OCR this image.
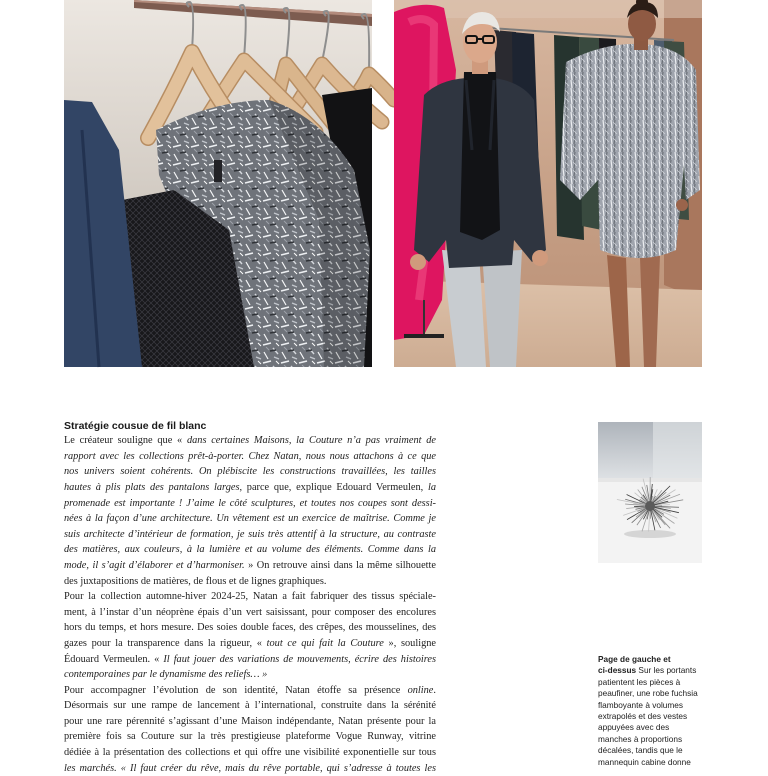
Stratégie cousue de fil blanc
Le créateur souligne que « dans certaines Maisons, la Couture n’a pas vraiment de
rapport avec les collections prêt-à-porter. Chez Natan, nous nous attachons à ce que
nos univers soient cohérents. On plébiscite les constructions travaillées, les tailles
hautes à plis plats des pantalons larges, parce que, explique Edouard Vermeulen, la
promenade est importante ! J’aime le côté sculptures, et toutes nos coupes sont dessi-
nées à la façon d’une architecture. Un vêtement est un exercice de maîtrise. Comme je
suis architecte d’intérieur de formation, je suis très attentif à la structure, au contraste
des matières, aux couleurs, à la lumière et au volume des éléments. Comme dans la
mode, il s’agit d’élaborer et d’harmoniser. » On retrouve ainsi dans la même silhouette
des juxtapositions de matières, de flous et de lignes graphiques.
Pour la collection automne-hiver 2024-25, Natan a fait fabriquer des tissus spéciale-
ment, à l’instar d’un néoprène épais d’un vert saisissant, pour composer des encolures
hors du temps, et hors mesure. Des soies double faces, des crêpes, des mousselines, des
gazes pour la transparence dans la rigueur, « tout ce qui fait la Couture », souligne
Édouard Vermeulen. « Il faut jouer des variations de mouvements, écrire des histoires
contemporaines par le dynamisme des reliefs… »
Pour accompagner l’évolution de son identité, Natan étoffe sa présence online.
Désormais sur une rampe de lancement à l’international, construite dans la sérénité
pour une rare pérennité s’agissant d’une Maison indépendante, Natan présente pour la
première fois sa Couture sur la très prestigieuse plateforme Vogue Runway, vitrine
dédiée à la présentation des collections et qui offre une visibilité exponentielle sur tous
les marchés. « Il faut créer du rêve, mais du rêve portable, qui s’adresse à toutes les
Page de gauche et
ci-dessus Sur les portants
patientent les pièces à
peaufiner, une robe fuchsia
flamboyante à volumes
extrapolés et des vestes
appuyées avec des
manches à proportions
décalées, tandis que le
mannequin cabine donne
